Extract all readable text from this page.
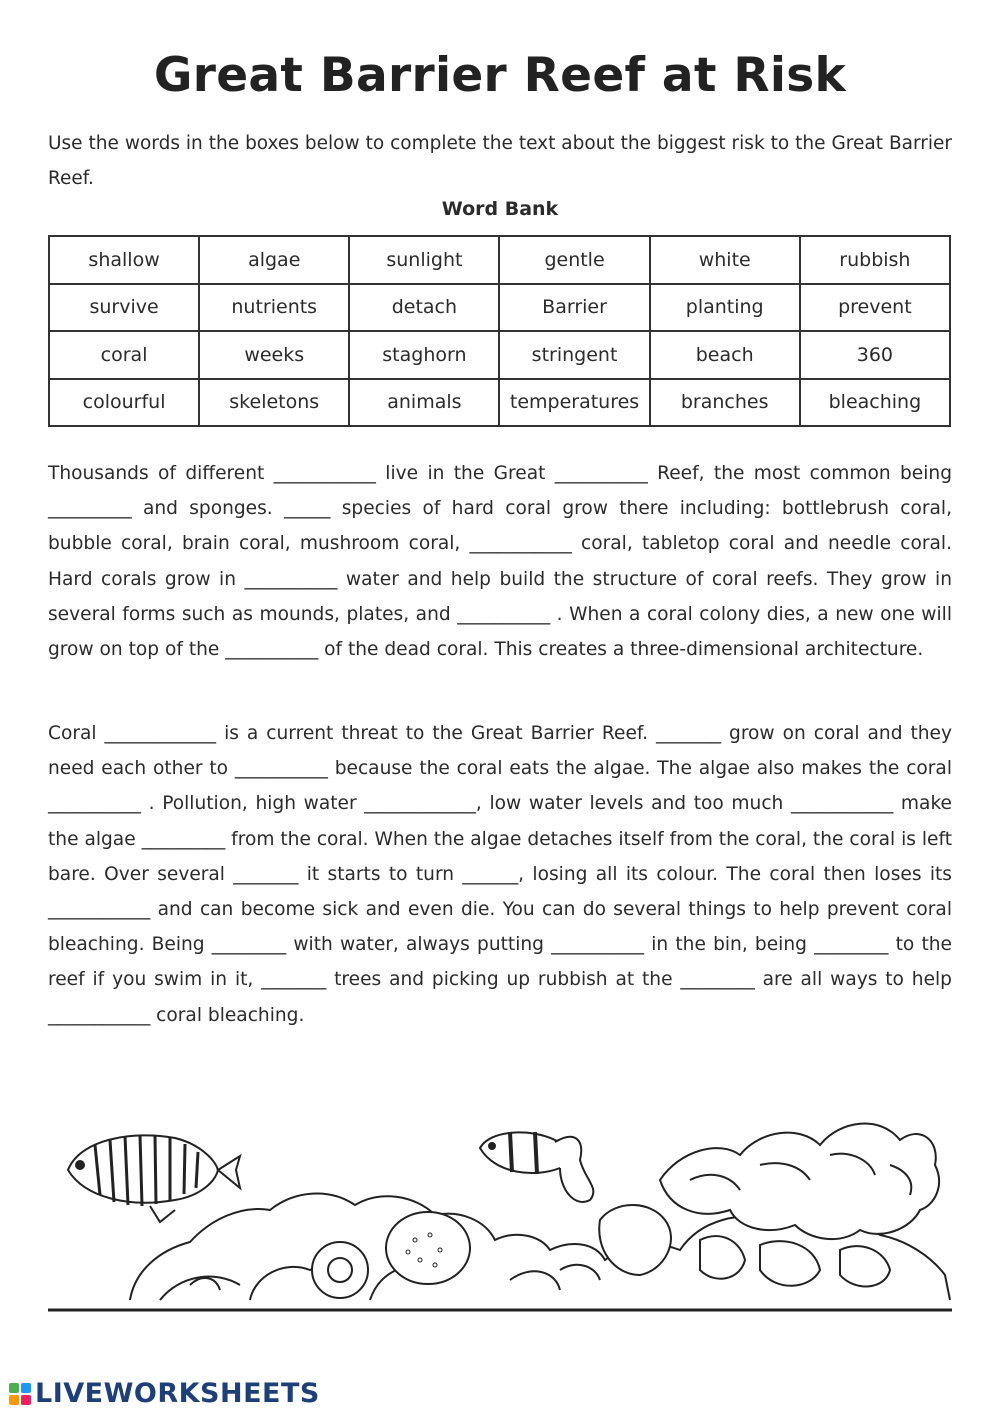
Great Barrier Reef at Risk

Use the words in the boxes below to complete the text about the biggest risk to the Great Barrier Reef.

Word Bank
shallow	algae	sunlight	gentle	white	rubbish
survive	nutrients	detach	Barrier	planting	prevent
coral	weeks	staghorn	stringent	beach	360
colourful	skeletons	animals	temperatures	branches	bleaching

Thousands of different ___________ live in the Great __________ Reef, the most common being _________ and sponges. _____ species of hard coral grow there including: bottlebrush coral, bubble coral, brain coral, mushroom coral, ___________ coral, tabletop coral and needle coral. Hard corals grow in __________ water and help build the structure of coral reefs. They grow in several forms such as mounds, plates, and __________ . When a coral colony dies, a new one will grow on top of the __________ of the dead coral. This creates a three-dimensional architecture.

Coral ____________ is a current threat to the Great Barrier Reef. _______ grow on coral and they need each other to __________ because the coral eats the algae. The algae also makes the coral __________ . Pollution, high water ____________, low water levels and too much ___________ make the algae _________ from the coral. When the algae detaches itself from the coral, the coral is left bare. Over several _______ it starts to turn ______, losing all its colour. The coral then loses its ___________ and can become sick and even die. You can do several things to help prevent coral bleaching. Being ________ with water, always putting __________ in the bin, being ________ to the reef if you swim in it, _______ trees and picking up rubbish at the ________ are all ways to help ___________ coral bleaching.

LIVEWORKSHEETS
